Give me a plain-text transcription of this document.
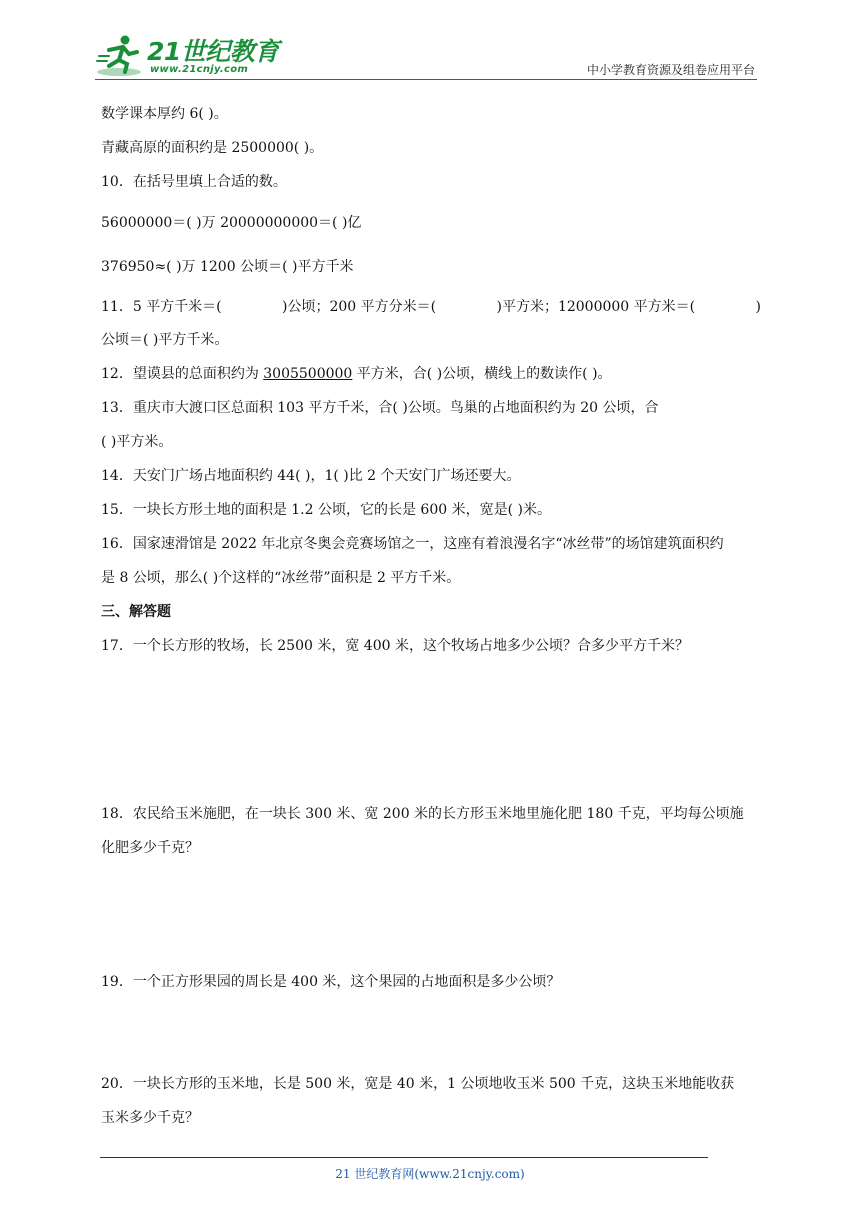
21世纪教育
www.21cnjy.com	中小学教育资源及组卷应用平台
数学课本厚约 6( )。
青藏高原的面积约是 2500000( )。
10．在括号里填上合适的数。
56000000＝( )万 20000000000＝( )亿
376950≈( )万 1200 公顷＝( )平方千米
11．5 平方千米＝(	)公顷；200 平方分米＝(	)平方米；12000000 平方米＝(	)
公顷＝( )平方千米。
12．望谟县的总面积约为 3005500000 平方米，合( )公顷，横线上的数读作( )。
13．重庆市大渡口区总面积 103 平方千米，合( )公顷。鸟巢的占地面积约为 20 公顷，合
( )平方米。
14．天安门广场占地面积约 44( )，1( )比 2 个天安门广场还要大。
15．一块长方形土地的面积是 1.2 公顷，它的长是 600 米，宽是( )米。
16．国家速滑馆是 2022 年北京冬奥会竞赛场馆之一，这座有着浪漫名字“冰丝带”的场馆建筑面积约
是 8 公顷，那么( )个这样的“冰丝带”面积是 2 平方千米。
三、解答题
17．一个长方形的牧场，长 2500 米，宽 400 米，这个牧场占地多少公顷？合多少平方千米？
18．农民给玉米施肥，在一块长 300 米、宽 200 米的长方形玉米地里施化肥 180 千克，平均每公顷施
化肥多少千克？
19．一个正方形果园的周长是 400 米，这个果园的占地面积是多少公顷？
20．一块长方形的玉米地，长是 500 米，宽是 40 米，1 公顷地收玉米 500 千克，这块玉米地能收获
玉米多少千克？
21 世纪教育网(www.21cnjy.com)
